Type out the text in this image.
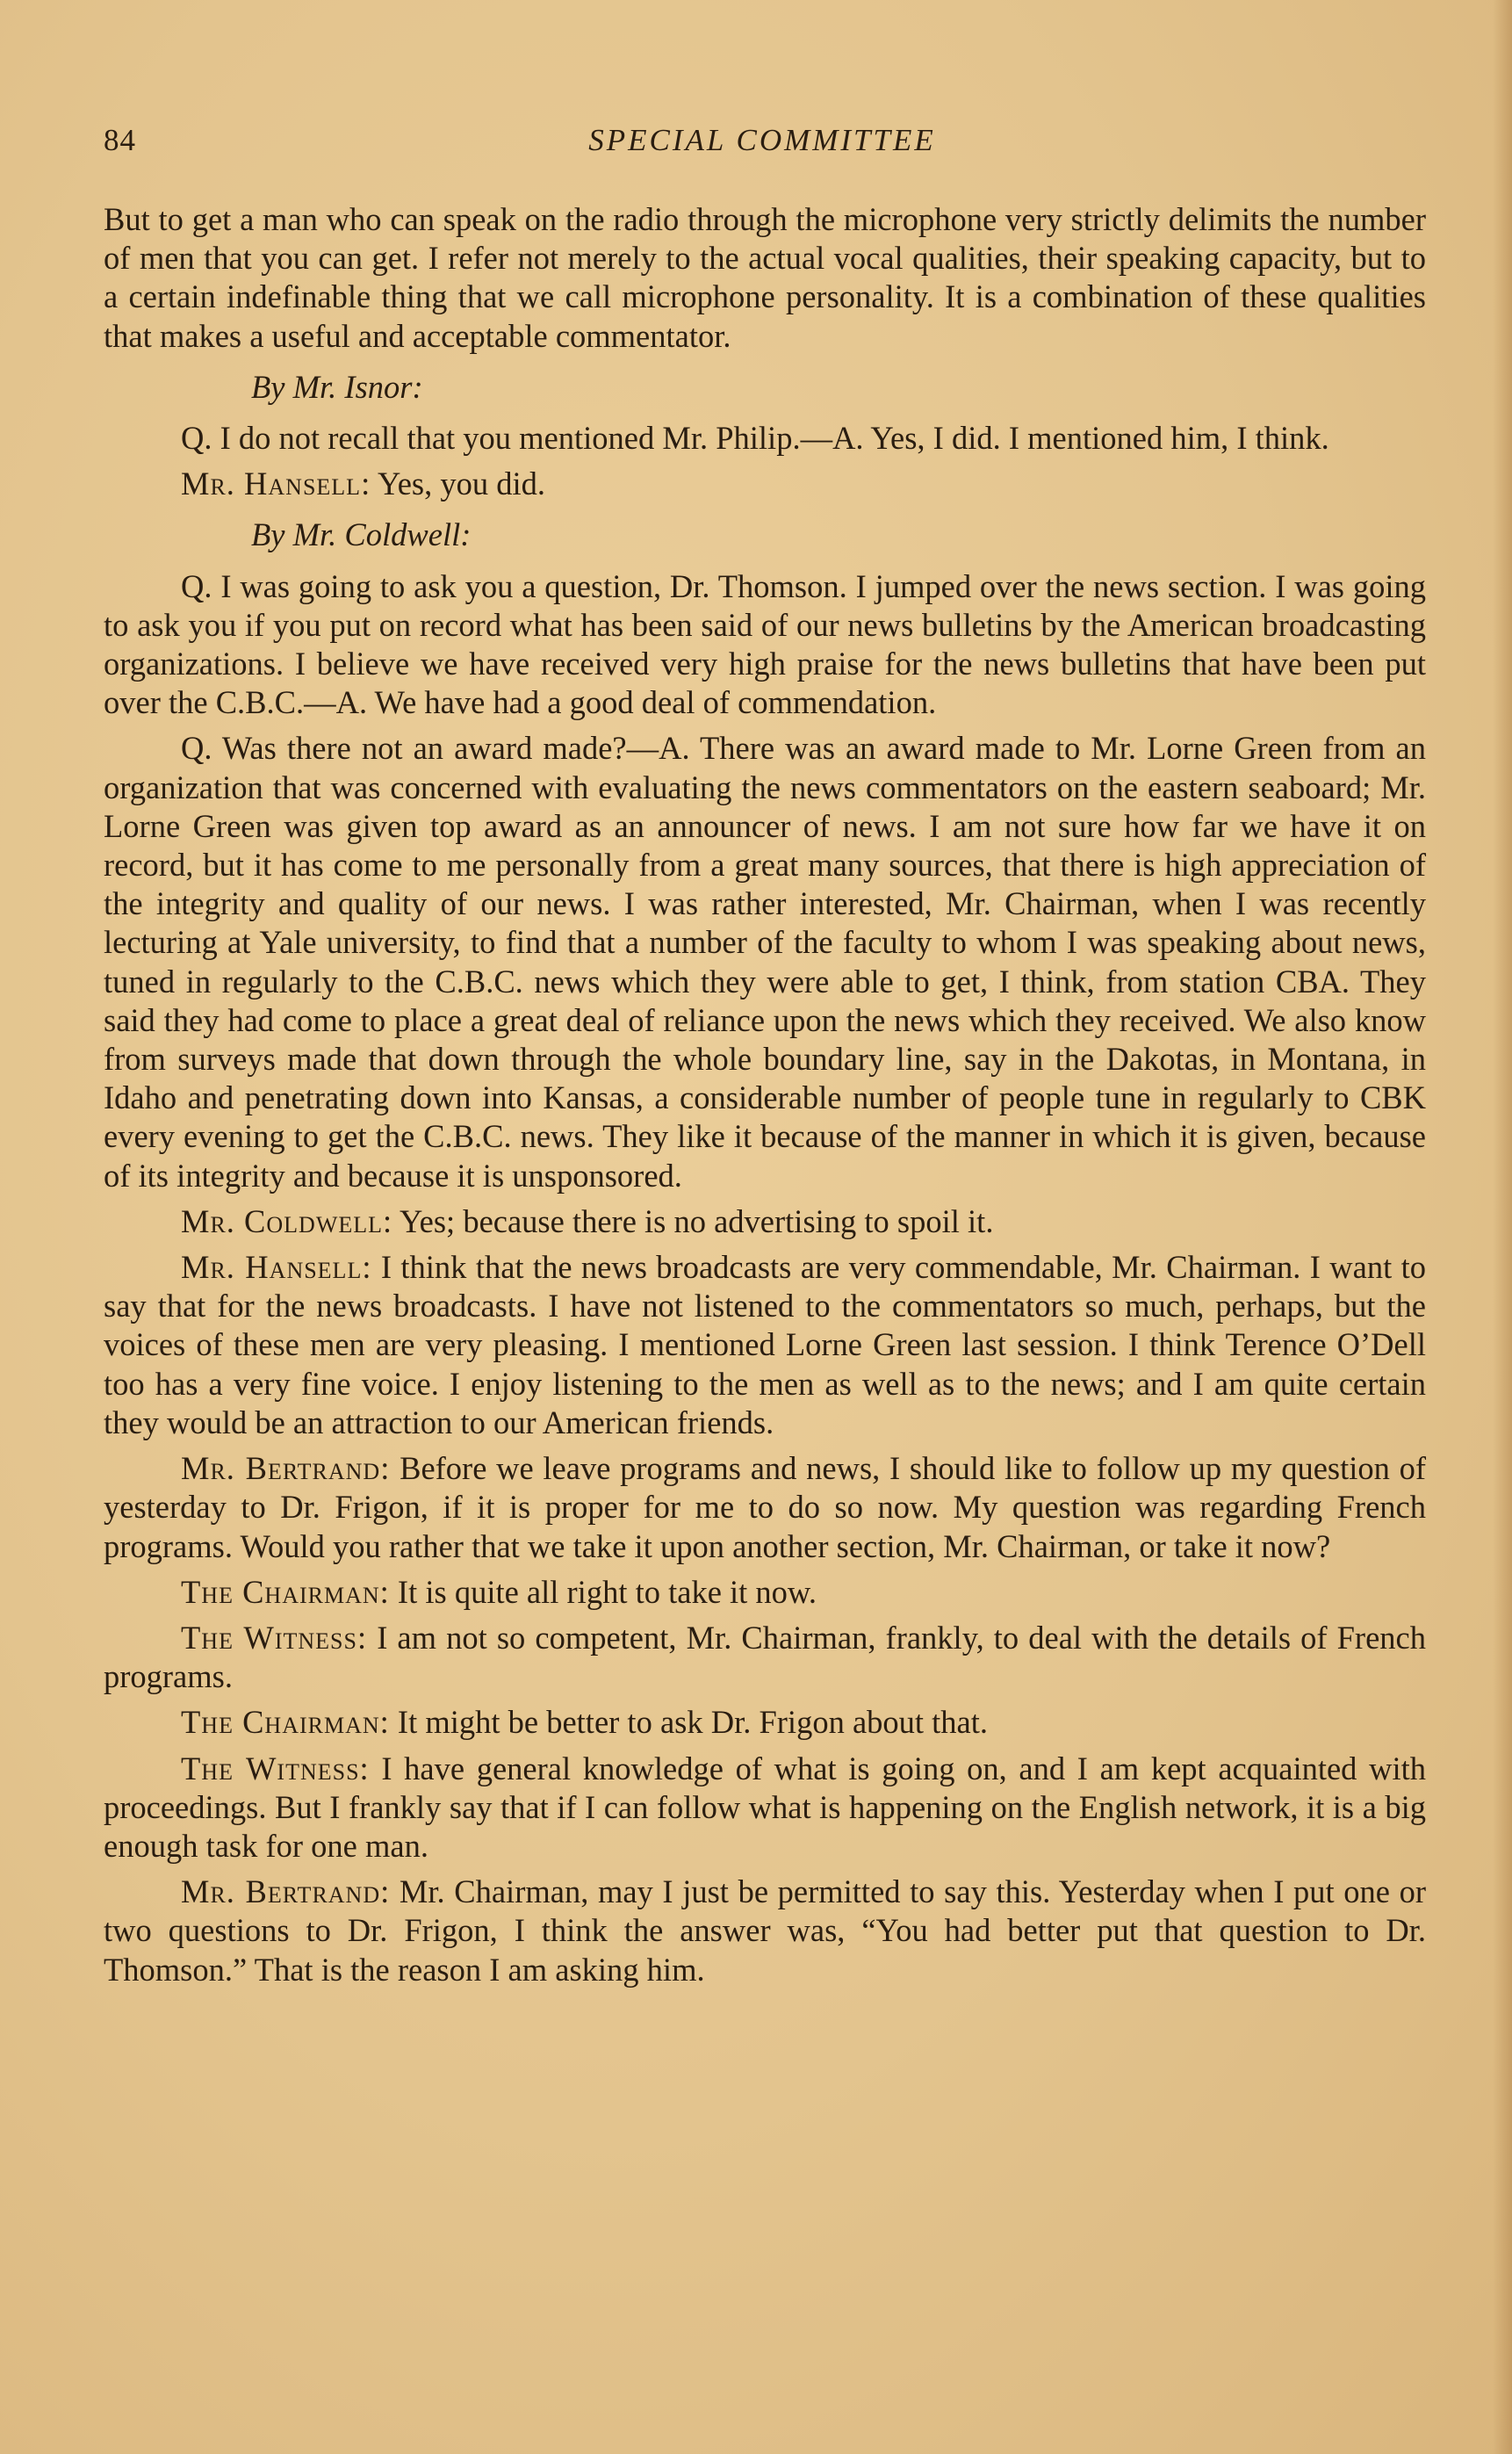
84	SPECIAL COMMITTEE

But to get a man who can speak on the radio through the microphone very strictly delimits the number of men that you can get. I refer not merely to the actual vocal qualities, their speaking capacity, but to a certain indefinable thing that we call microphone personality. It is a combination of these qualities that makes a useful and acceptable commentator.

By Mr. Isnor:

Q. I do not recall that you mentioned Mr. Philip.—A. Yes, I did. I mentioned him, I think.

Mr. Hansell: Yes, you did.

By Mr. Coldwell:

Q. I was going to ask you a question, Dr. Thomson. I jumped over the news section. I was going to ask you if you put on record what has been said of our news bulletins by the American broadcasting organizations. I believe we have received very high praise for the news bulletins that have been put over the C.B.C.—A. We have had a good deal of commendation.

Q. Was there not an award made?—A. There was an award made to Mr. Lorne Green from an organization that was concerned with evaluating the news commentators on the eastern seaboard; Mr. Lorne Green was given top award as an announcer of news. I am not sure how far we have it on record, but it has come to me personally from a great many sources, that there is high appreciation of the integrity and quality of our news. I was rather interested, Mr. Chairman, when I was recently lecturing at Yale university, to find that a number of the faculty to whom I was speaking about news, tuned in regularly to the C.B.C. news which they were able to get, I think, from station CBA. They said they had come to place a great deal of reliance upon the news which they received. We also know from surveys made that down through the whole boundary line, say in the Dakotas, in Montana, in Idaho and penetrating down into Kansas, a considerable number of people tune in regularly to CBK every evening to get the C.B.C. news. They like it because of the manner in which it is given, because of its integrity and because it is unsponsored.

Mr. Coldwell: Yes; because there is no advertising to spoil it.

Mr. Hansell: I think that the news broadcasts are very commendable, Mr. Chairman. I want to say that for the news broadcasts. I have not listened to the commentators so much, perhaps, but the voices of these men are very pleasing. I mentioned Lorne Green last session. I think Terence O’Dell too has a very fine voice. I enjoy listening to the men as well as to the news; and I am quite certain they would be an attraction to our American friends.

Mr. Bertrand: Before we leave programs and news, I should like to follow up my question of yesterday to Dr. Frigon, if it is proper for me to do so now. My question was regarding French programs. Would you rather that we take it upon another section, Mr. Chairman, or take it now?

The Chairman: It is quite all right to take it now.

The Witness: I am not so competent, Mr. Chairman, frankly, to deal with the details of French programs.

The Chairman: It might be better to ask Dr. Frigon about that.

The Witness: I have general knowledge of what is going on, and I am kept acquainted with proceedings. But I frankly say that if I can follow what is happening on the English network, it is a big enough task for one man.

Mr. Bertrand: Mr. Chairman, may I just be permitted to say this. Yesterday when I put one or two questions to Dr. Frigon, I think the answer was, “You had better put that question to Dr. Thomson.” That is the reason I am asking him.
